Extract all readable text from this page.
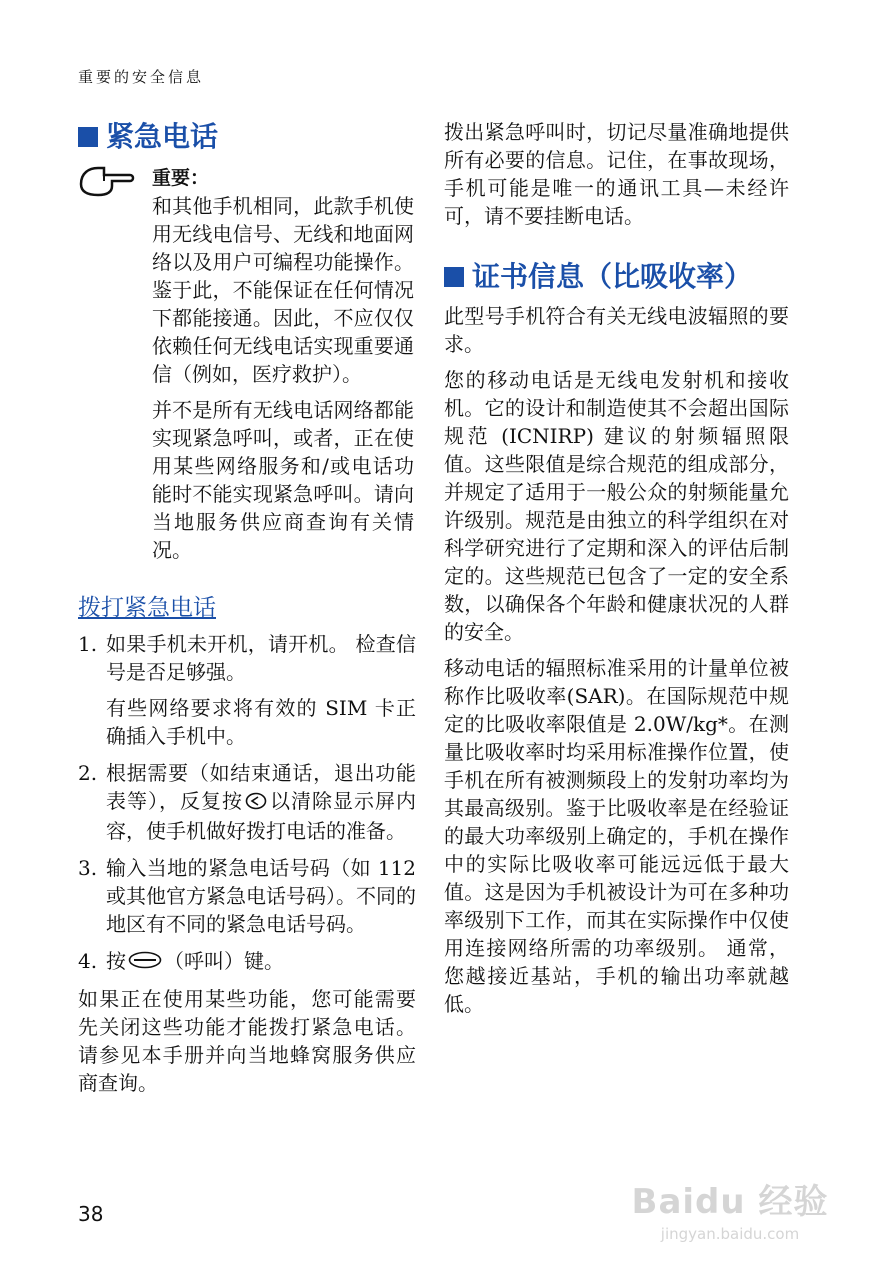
重要的安全信息
紧急电话
重要：

和其他手机相同，此款手机使用无线电信号、无线和地面网络以及用户可编程功能操作。鉴于此，不能保证在任何情况下都能接通。因此，不应仅仅依赖任何无线电话实现重要通信（例如，医疗救护）。

并不是所有无线电话网络都能实现紧急呼叫，或者，正在使用某些网络服务和/或电话功能时不能实现紧急呼叫。请向当地服务供应商查询有关情况。

拨打紧急电话
1. 如果手机未开机，请开机。 检查信号是否足够强。

有些网络要求将有效的 SIM 卡正确插入手机中。

2. 根据需要（如结束通话，退出功能表等），反复按 以清除显示屏内容，使手机做好拨打电话的准备。

3. 输入当地的紧急电话号码（如 112　或其他官方紧急电话号码）。不同的地区有不同的紧急电话号码。

4. 按 （呼叫）键。

如果正在使用某些功能，您可能需要先关闭这些功能才能拨打紧急电话。请参见本手册并向当地蜂窝服务供应商查询。

拨出紧急呼叫时，切记尽量准确地提供所有必要的信息。记住，在事故现场，手机可能是唯一的通讯工具—未经许可，请不要挂断电话。

证书信息（比吸收率）

此型号手机符合有关无线电波辐照的要求。

您的移动电话是无线电发射机和接收机。它的设计和制造使其不会超出国际规范 (ICNIRP) 建议的射频辐照限值。这些限值是综合规范的组成部分，并规定了适用于一般公众的射频能量允许级别。规范是由独立的科学组织在对科学研究进行了定期和深入的评估后制定的。这些规范已包含了一定的安全系数，以确保各个年龄和健康状况的人群的安全。

移动电话的辐照标准采用的计量单位被称作比吸收率(SAR)。在国际规范中规定的比吸收率限值是 2.0W/kg*。在测量比吸收率时均采用标准操作位置，使手机在所有被测频段上的发射功率均为其最高级别。鉴于比吸收率是在经验证的最大功率级别上确定的，手机在操作中的实际比吸收率可能远远低于最大值。这是因为手机被设计为可在多种功率级别下工作，而其在实际操作中仅使用连接网络所需的功率级别。 通常，您越接近基站，手机的输出功率就越低。

38	Baidu 经验
jingyan.baidu.com
